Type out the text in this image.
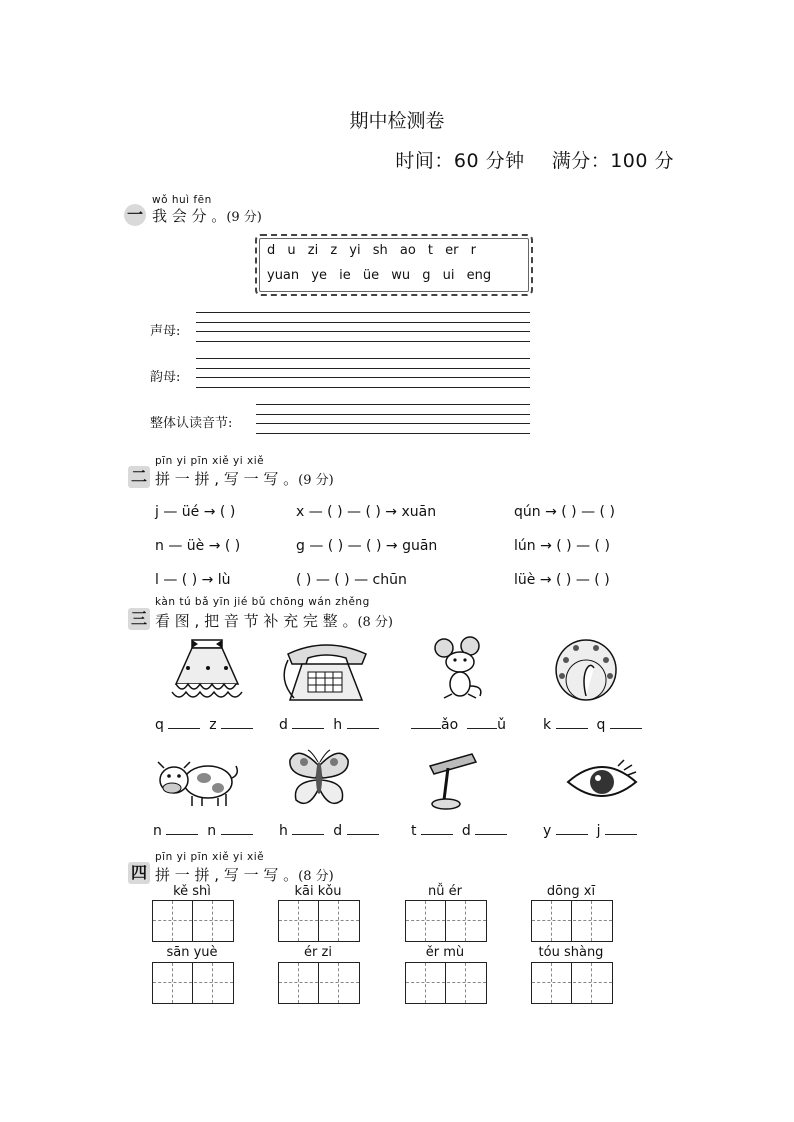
期中检测卷
时间：60 分钟 满分：100 分
wǒ huì fēn
一 我 会 分 。(9 分)
d u zi z yi sh ao t er r
yuan ye ie üe wu g ui eng
声母:
韵母:
整体认读音节:
pīn yi pīn xiě yi xiě
二 拼 一 拼 , 写 一 写 。(9 分)
j — üé → ( )	x — ( ) — ( ) → xuān	qún → ( ) — ( )
n — üè → ( )	g — ( ) — ( ) → guān	lún → ( ) — ( )
l — ( ) → lù	( ) — ( ) — chūn	lüè → ( ) — ( )
kàn tú bǎ yīn jié bǔ chōng wán zhěng
三 看 图 , 把 音 节 补 充 完 整 。(8 分)
q	z	d	h	ǎo	ǔ	k	q
n	n	h	d	t	d	y	j
pīn yi pīn xiě yi xiě
四 拼 一 拼 , 写 一 写 。(8 分)
kě shì	kāi kǒu	nǚ ér	dōng xī
sān yuè	ér zi	ěr mù	tóu shàng
